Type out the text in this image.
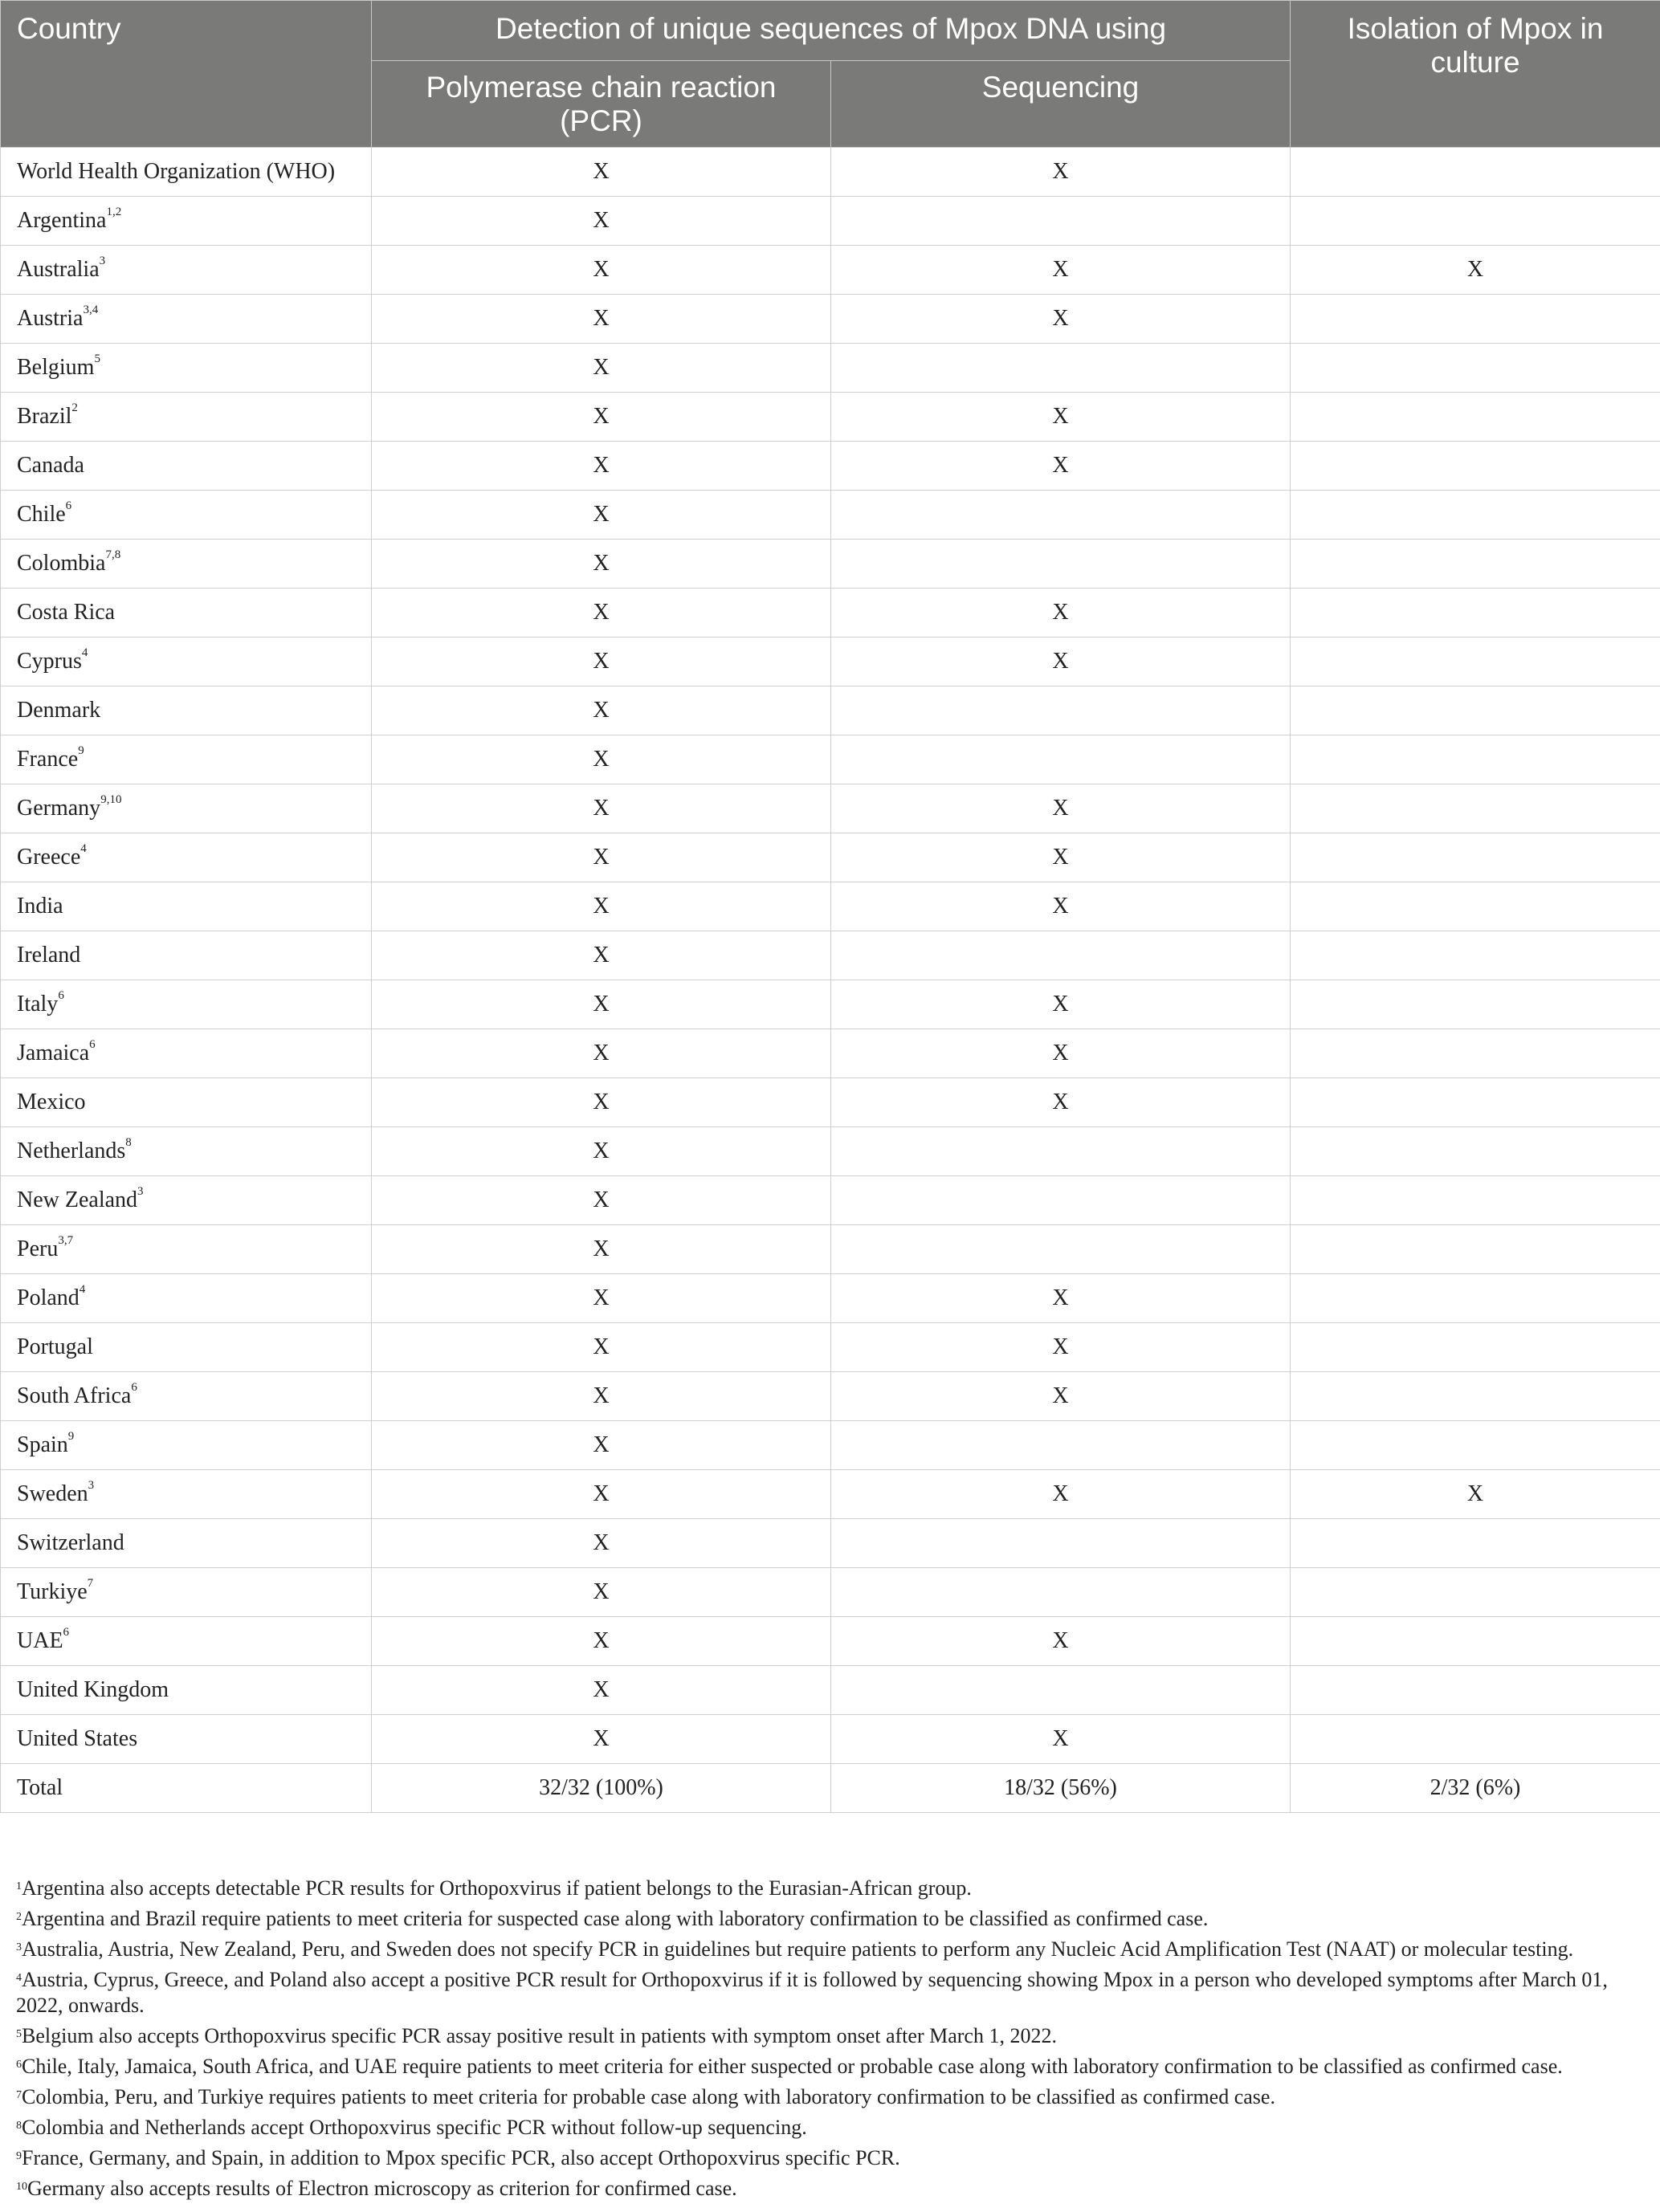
Country	Detection of unique sequences of Mpox DNA using		Isolation of Mpox in culture
	Polymerase chain reaction (PCR)	Sequencing	
World Health Organization (WHO)	X	X	
Argentina$^{1,2}$	X		
Australia$^3$	X	X	X
Austria$^{3,4}$	X	X	
Belgium$^5$	X		
Brazil$^2$	X	X	
Canada	X	X	
Chile$^6$	X		
Colombia$^{7,8}$	X		
Costa Rica	X	X	
Cyprus$^4$	X	X	
Denmark	X		
France$^9$	X		
Germany$^{9,10}$	X	X	
Greece$^4$	X	X	
India	X	X	
Ireland	X		
Italy$^6$	X	X	
Jamaica$^6$	X	X	
Mexico	X	X	
Netherlands$^8$	X		
New Zealand$^3$	X		
Peru$^{3,7}$	X		
Poland$^4$	X	X	
Portugal	X	X	
South Africa$^6$	X	X	
Spain$^9$	X		
Sweden$^3$	X	X	X
Switzerland	X		
Turkiye$^7$	X		
UAE$^6$	X	X	
United Kingdom	X		
United States	X	X	
Total	32/32 (100%)	18/32 (56%)	2/32 (6%)
$^1$Argentina also accepts detectable PCR results for Orthopoxvirus if patient belongs to the Eurasian-African group.
$^2$Argentina and Brazil require patients to meet criteria for suspected case along with laboratory confirmation to be classified as confirmed case.
$^3$Australia, Austria, New Zealand, Peru, and Sweden does not specify PCR in guidelines but require patients to perform any Nucleic Acid Amplification Test (NAAT) or molecular testing.
$^4$Austria, Cyprus, Greece, and Poland also accept a positive PCR result for Orthopoxvirus if it is followed by sequencing showing Mpox in a person who developed symptoms after March 01, 2022, onwards.
$^5$Belgium also accepts Orthopoxvirus specific PCR assay positive result in patients with symptom onset after March 1, 2022.
$^6$Chile, Italy, Jamaica, South Africa, and UAE require patients to meet criteria for either suspected or probable case along with laboratory confirmation to be classified as confirmed case.
$^7$Colombia, Peru, and Turkiye requires patients to meet criteria for probable case along with laboratory confirmation to be classified as confirmed case.
$^8$Colombia and Netherlands accept Orthopoxvirus specific PCR without follow-up sequencing.
$^9$France, Germany, and Spain, in addition to Mpox specific PCR, also accept Orthopoxvirus specific PCR.
$^{10}$Germany also accepts results of Electron microscopy as criterion for confirmed case.
